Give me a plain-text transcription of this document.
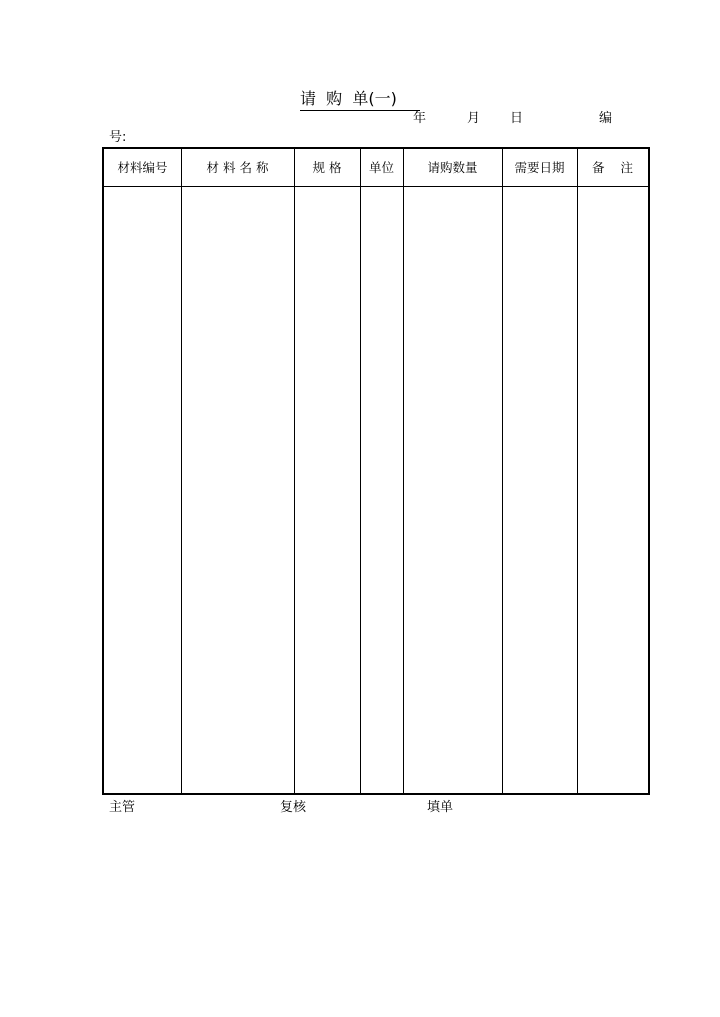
请  购  单(一)
年	月 日	编
号:
材料编号	材 料 名 称	规 格	单位	请购数量	需要日期	备    注
主管	复核	填单
